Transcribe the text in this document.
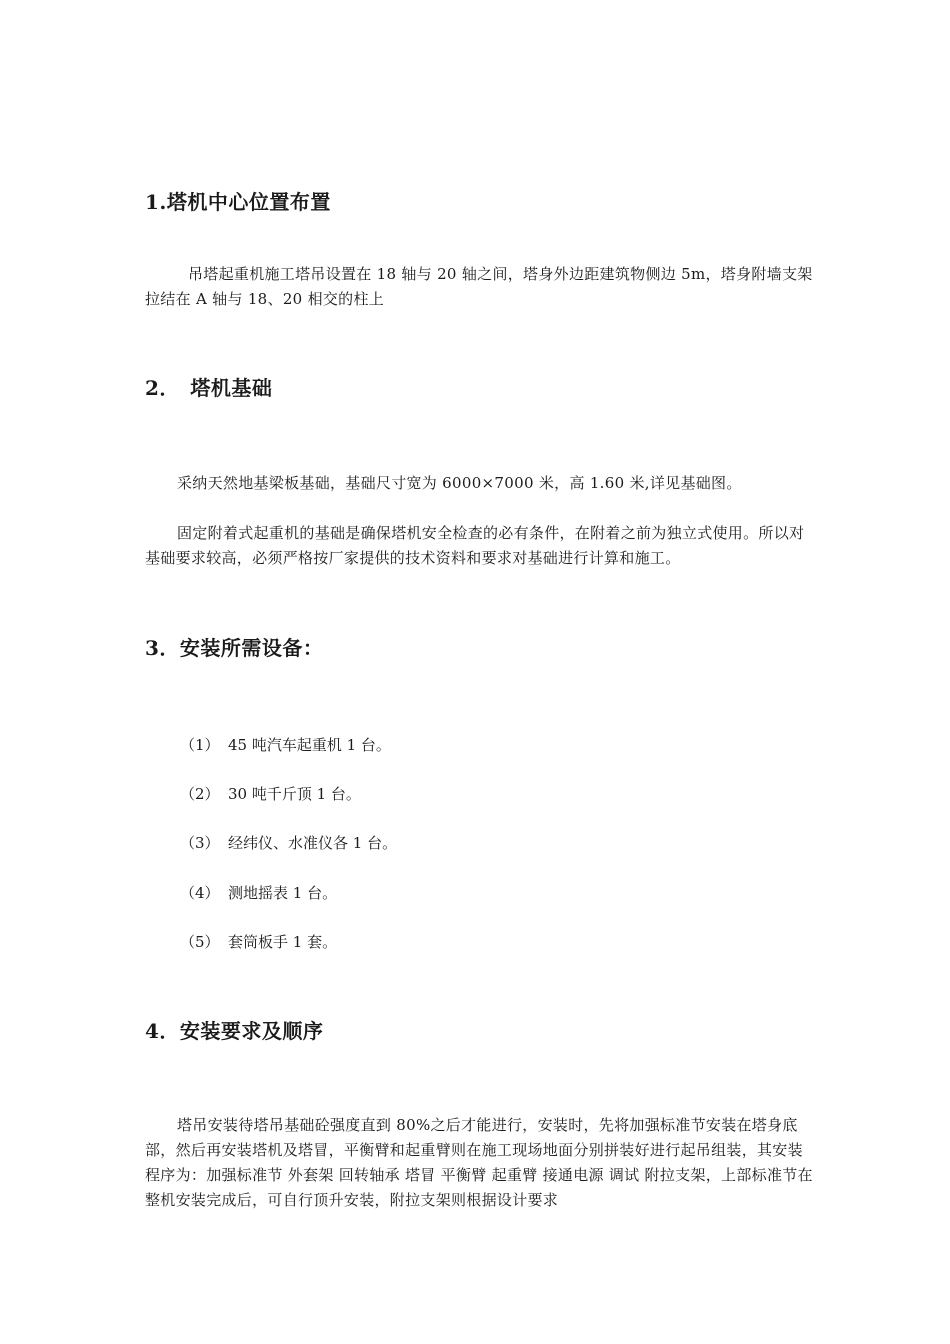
1.塔机中心位置布置
吊塔起重机施工塔吊设置在 18 轴与 20 轴之间，塔身外边距建筑物侧边 5m，塔身附墙支架拉结在 A 轴与 18、20 相交的柱上
2．　塔机基础
采纳天然地基梁板基础，基础尺寸宽为 6000×7000 米，高 1.60 米,详见基础图。
固定附着式起重机的基础是确保塔机安全检查的必有条件，在附着之前为独立式使用。所以对基础要求较高，必须严格按厂家提供的技术资料和要求对基础进行计算和施工。
3．安装所需设备：
（1） 45 吨汽车起重机 1 台。
（2） 30 吨千斤顶 1 台。
（3） 经纬仪、水准仪各 1 台。
（4） 测地摇表 1 台。
（5） 套筒板手 1 套。
4．安装要求及顺序
塔吊安装待塔吊基础砼强度直到 80%之后才能进行，安装时，先将加强标准节安装在塔身底部，然后再安装塔机及塔冒，平衡臂和起重臂则在施工现场地面分别拼装好进行起吊组装，其安装程序为：加强标准节 外套架 回转轴承 塔冒 平衡臂 起重臂 接通电源 调试 附拉支架，上部标准节在整机安装完成后，可自行顶升安装，附拉支架则根据设计要求
